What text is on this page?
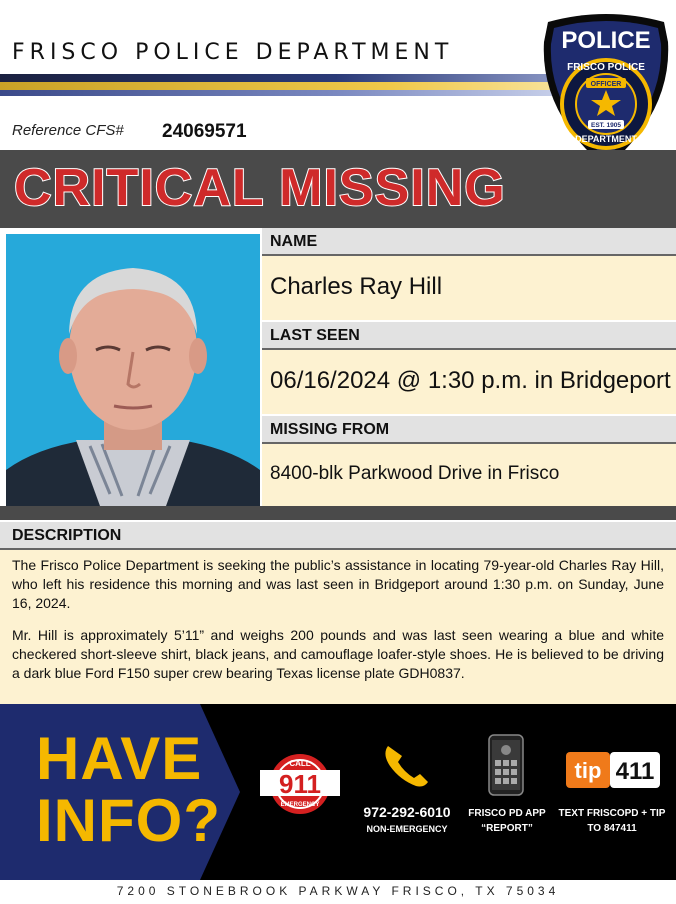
FRISCO POLICE DEPARTMENT
Reference CFS# 24069571
POLICE
FRISCO POLICE
OFFICER
EST. 1905
DEPARTMENT
CRITICAL MISSING
NAME
Charles Ray Hill
LAST SEEN
06/16/2024 @ 1:30 p.m. in Bridgeport
MISSING FROM
8400-blk Parkwood Drive in Frisco
DESCRIPTION

The Frisco Police Department is seeking the public’s assistance in locating 79-year-old Charles Ray Hill, who left his residence this morning and was last seen in Bridgeport around 1:30 p.m. on Sunday, June 16, 2024.

Mr. Hill is approximately 5’11” and weighs 200 pounds and was last seen wearing a blue and white checkered short-sleeve shirt, black jeans, and camouflage loafer-style shoes. He is believed to be driving a dark blue Ford F150 super crew bearing Texas license plate GDH0837.

HAVE
INFO?
CALL
911
EMERGENCY	972-292-6010
NON-EMERGENCY
FRISCO PD APP
“REPORT”
tip 411
TEXT FRISCOPD + TIP
TO 847411
7200 STONEBROOK PARKWAY FRISCO, TX 75034
